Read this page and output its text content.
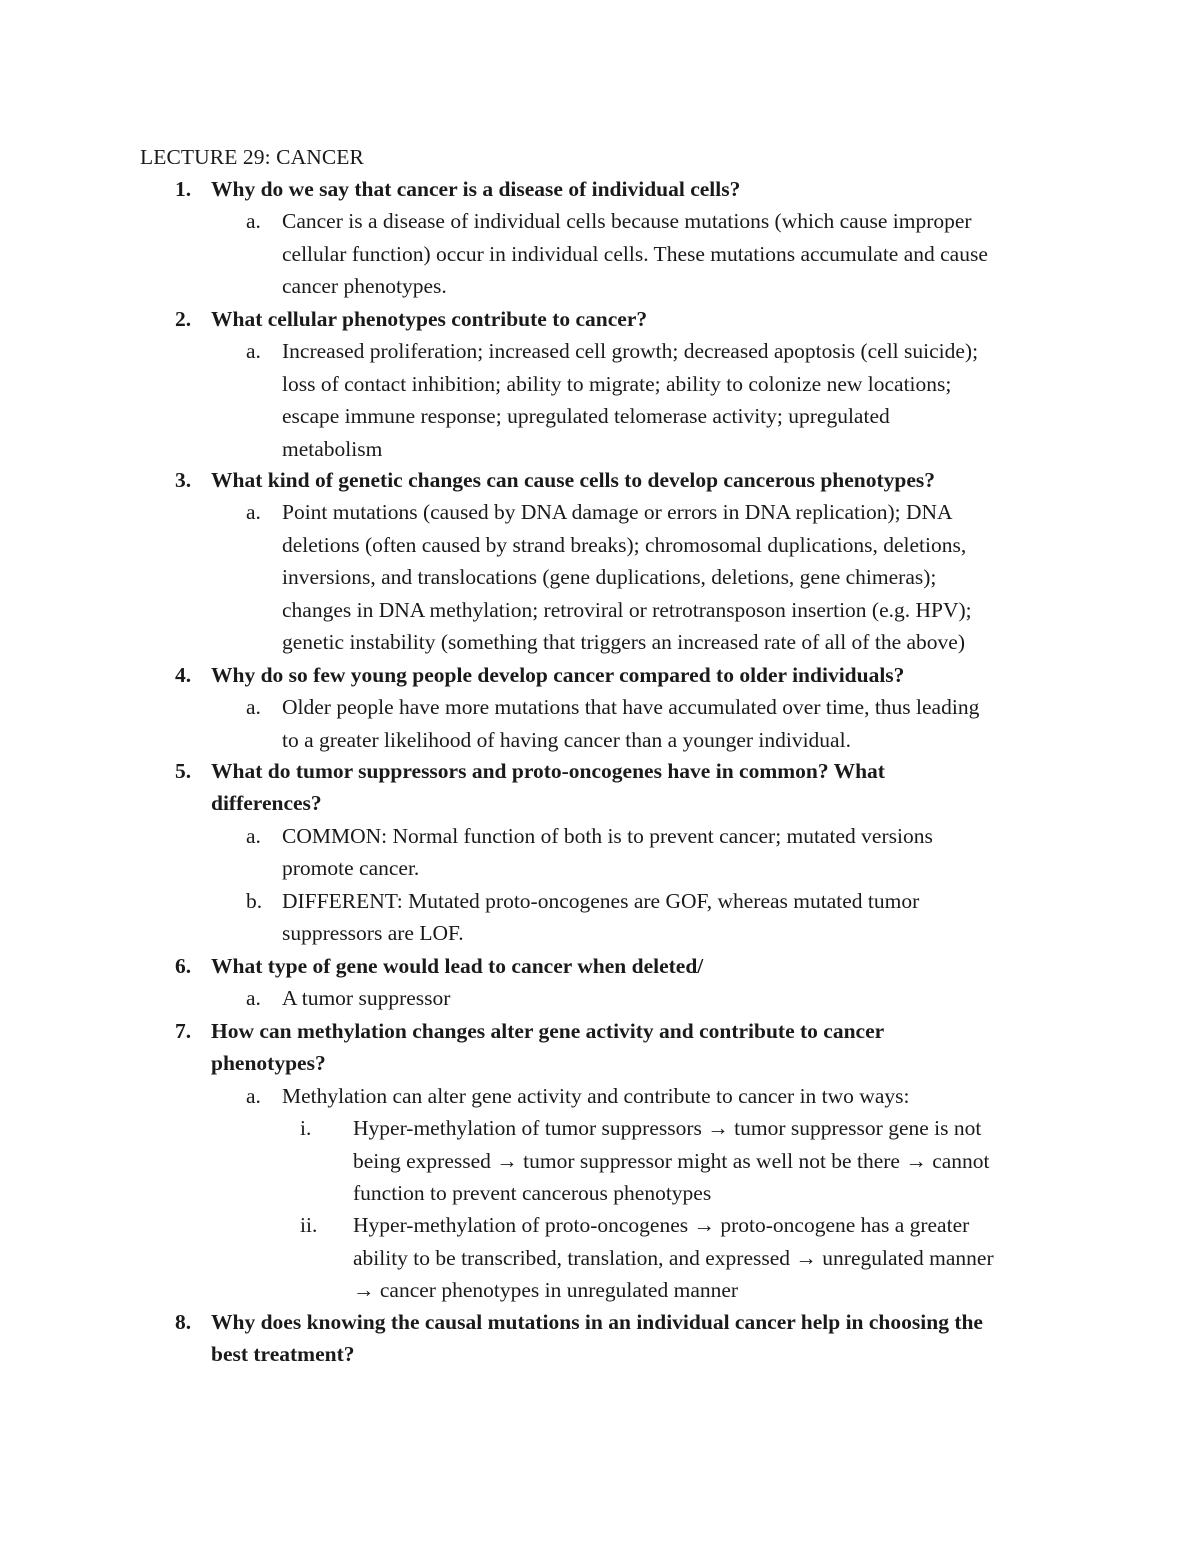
LECTURE 29: CANCER
1. Why do we say that cancer is a disease of individual cells?
a. Cancer is a disease of individual cells because mutations (which cause improper
cellular function) occur in individual cells. These mutations accumulate and cause
cancer phenotypes.
2. What cellular phenotypes contribute to cancer?
a. Increased proliferation; increased cell growth; decreased apoptosis (cell suicide);
loss of contact inhibition; ability to migrate; ability to colonize new locations;
escape immune response; upregulated telomerase activity; upregulated
metabolism
3. What kind of genetic changes can cause cells to develop cancerous phenotypes?
a. Point mutations (caused by DNA damage or errors in DNA replication); DNA
deletions (often caused by strand breaks); chromosomal duplications, deletions,
inversions, and translocations (gene duplications, deletions, gene chimeras);
changes in DNA methylation; retroviral or retrotransposon insertion (e.g. HPV);
genetic instability (something that triggers an increased rate of all of the above)
4. Why do so few young people develop cancer compared to older individuals?
a. Older people have more mutations that have accumulated over time, thus leading
to a greater likelihood of having cancer than a younger individual.
5. What do tumor suppressors and proto-oncogenes have in common? What
differences?
a. COMMON: Normal function of both is to prevent cancer; mutated versions
promote cancer.
b. DIFFERENT: Mutated proto-oncogenes are GOF, whereas mutated tumor
suppressors are LOF.
6. What type of gene would lead to cancer when deleted/
a. A tumor suppressor
7. How can methylation changes alter gene activity and contribute to cancer
phenotypes?
a. Methylation can alter gene activity and contribute to cancer in two ways:
i. Hyper-methylation of tumor suppressors → tumor suppressor gene is not
being expressed → tumor suppressor might as well not be there → cannot
function to prevent cancerous phenotypes
ii. Hyper-methylation of proto-oncogenes → proto-oncogene has a greater
ability to be transcribed, translation, and expressed → unregulated manner
→ cancer phenotypes in unregulated manner
8. Why does knowing the causal mutations in an individual cancer help in choosing the
best treatment?
